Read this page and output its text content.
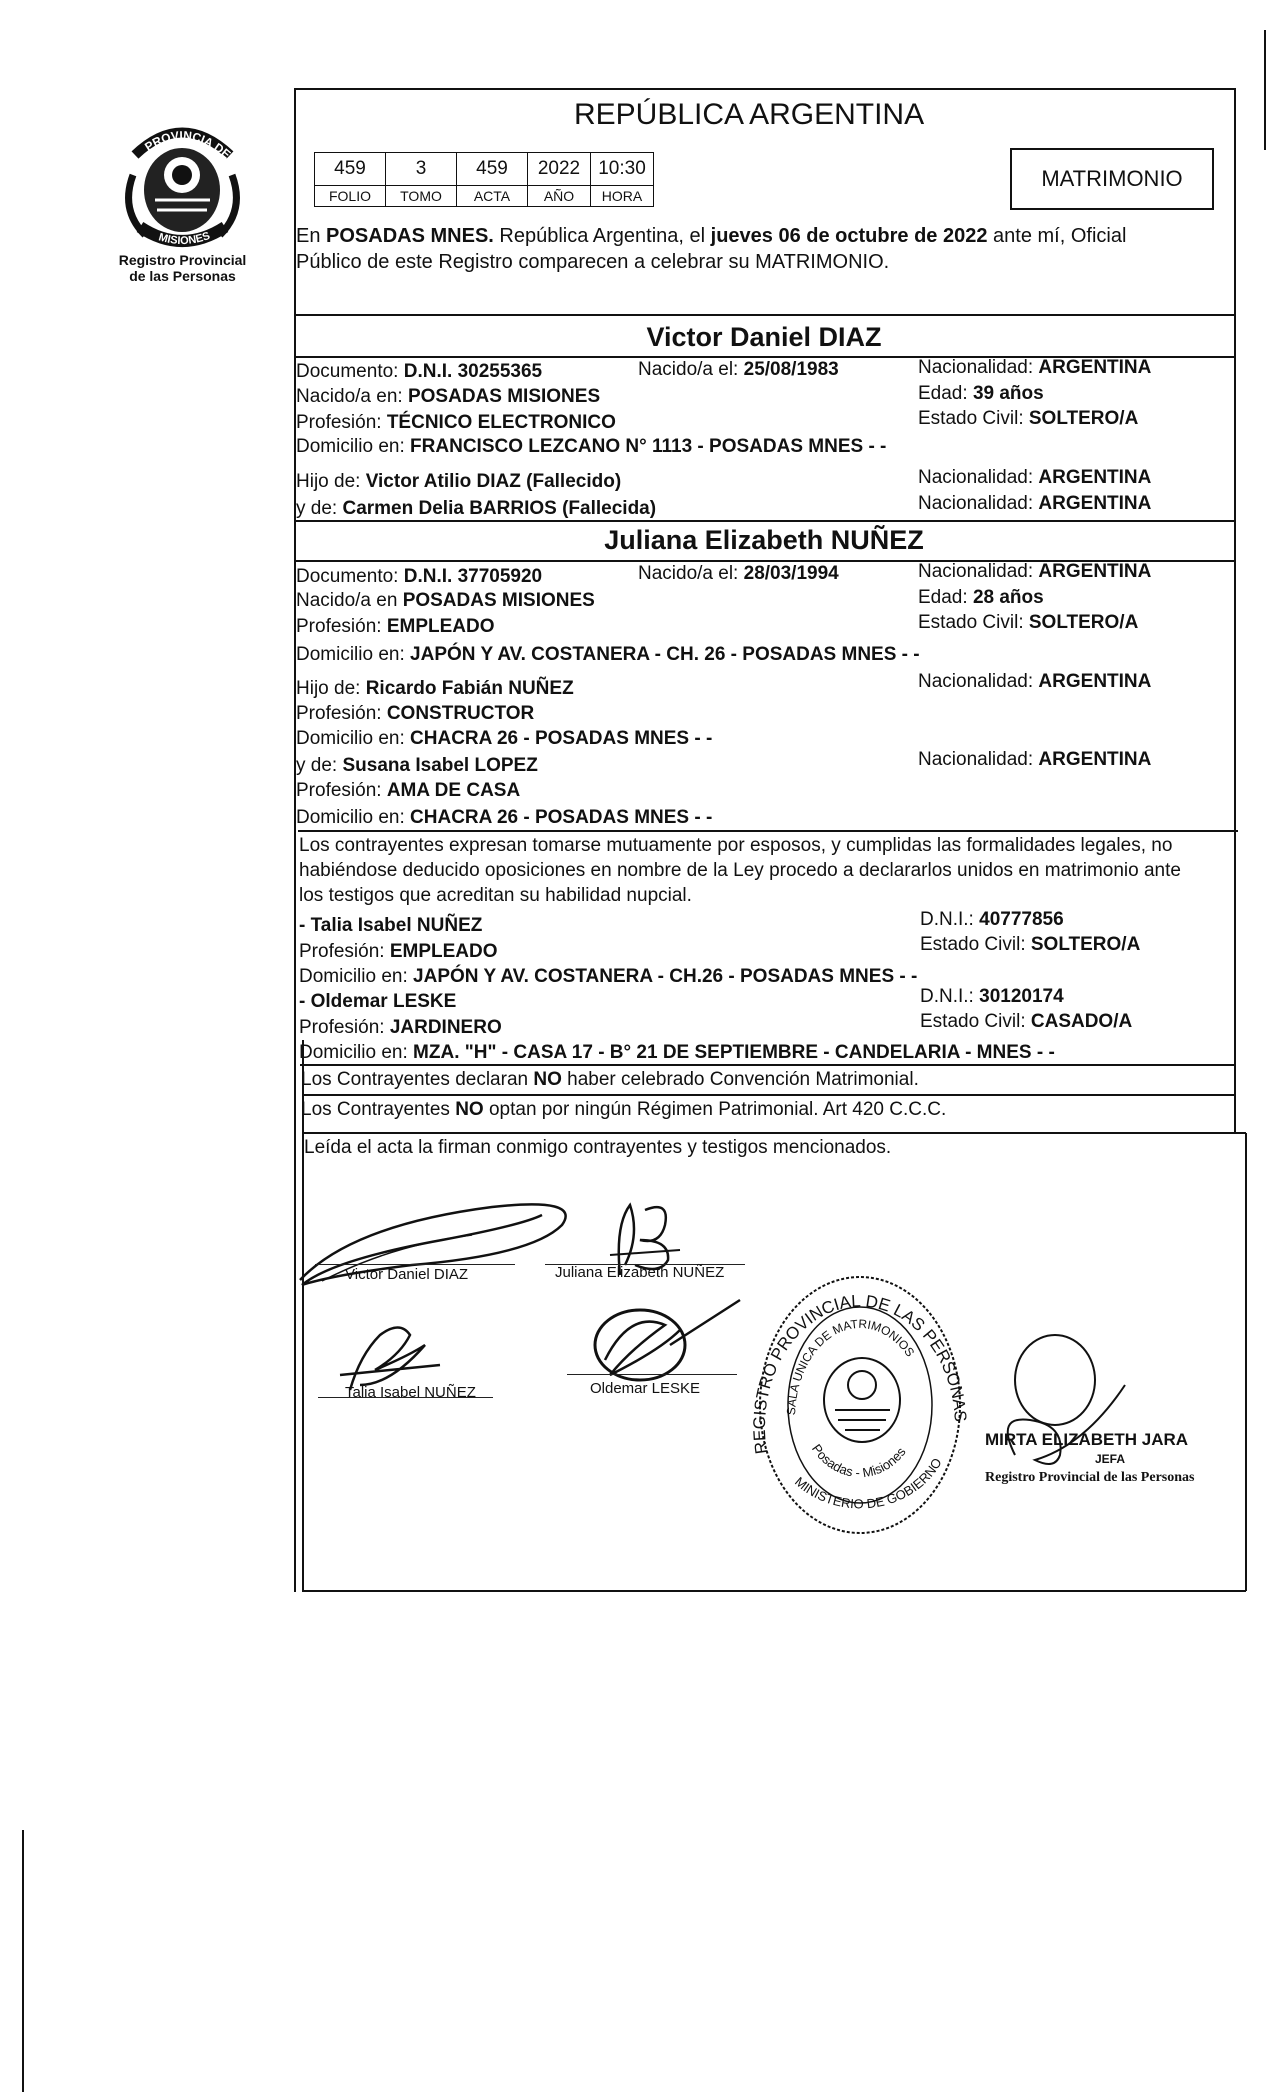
PROVINCIA DE
MISIONES
Registro Provincial
de las Personas
REPÚBLICA ARGENTINA
459	3	459	2022	10:30
FOLIO	TOMO	ACTA	AÑO	HORA
MATRIMONIO
En POSADAS MNES. República Argentina, el jueves 06 de octubre de 2022 ante mí, Oficial
Público de este Registro comparecen a celebrar su MATRIMONIO.
Victor Daniel DIAZ
Documento: D.N.I. 30255365	Nacido/a el: 25/08/1983	Nacionalidad: ARGENTINA
Nacido/a en: POSADAS MISIONES	Edad: 39 años
Profesión: TÉCNICO ELECTRONICO	Estado Civil: SOLTERO/A
Domicilio en: FRANCISCO LEZCANO N° 1113 - POSADAS MNES - -
Hijo de: Victor Atilio DIAZ (Fallecido)	Nacionalidad: ARGENTINA
y de: Carmen Delia BARRIOS (Fallecida)	Nacionalidad: ARGENTINA
Juliana Elizabeth NUÑEZ
Documento: D.N.I. 37705920	Nacido/a el: 28/03/1994	Nacionalidad: ARGENTINA
Nacido/a en POSADAS MISIONES	Edad: 28 años
Profesión: EMPLEADO	Estado Civil: SOLTERO/A
Domicilio en: JAPÓN Y AV. COSTANERA - CH. 26 - POSADAS MNES - -
Hijo de: Ricardo Fabián NUÑEZ	Nacionalidad: ARGENTINA
Profesión: CONSTRUCTOR
Domicilio en: CHACRA 26 - POSADAS MNES - -
y de: Susana Isabel LOPEZ	Nacionalidad: ARGENTINA
Profesión: AMA DE CASA
Domicilio en: CHACRA 26 - POSADAS MNES - -
Los contrayentes expresan tomarse mutuamente por esposos, y cumplidas las formalidades legales, no
habiéndose deducido oposiciones en nombre de la Ley procedo a declararlos unidos en matrimonio ante
los testigos que acreditan su habilidad nupcial.
- Talia Isabel NUÑEZ	D.N.I.: 40777856
Profesión: EMPLEADO	Estado Civil: SOLTERO/A
Domicilio en: JAPÓN Y AV. COSTANERA - CH.26 - POSADAS MNES - -
- Oldemar LESKE	D.N.I.: 30120174
Profesión: JARDINERO	Estado Civil: CASADO/A
Domicilio en: MZA. "H" - CASA 17 - B° 21 DE SEPTIEMBRE - CANDELARIA - MNES - -
Los Contrayentes declaran NO haber celebrado Convención Matrimonial.
Los Contrayentes NO optan por ningún Régimen Patrimonial. Art 420 C.C.C.
Leída el acta la firman conmigo contrayentes y testigos mencionados.
Victor Daniel DIAZ	Juliana Elizabeth NUÑEZ
Talia Isabel NUÑEZ	Oldemar LESKE
REGISTRO PROVINCIAL DE LAS PERSONAS
SALA UNICA DE MATRIMONIOS
Posadas - Misiones
MINISTERIO DE GOBIERNO
MIRTA ELIZABETH JARA
JEFA
Registro Provincial de las Personas
